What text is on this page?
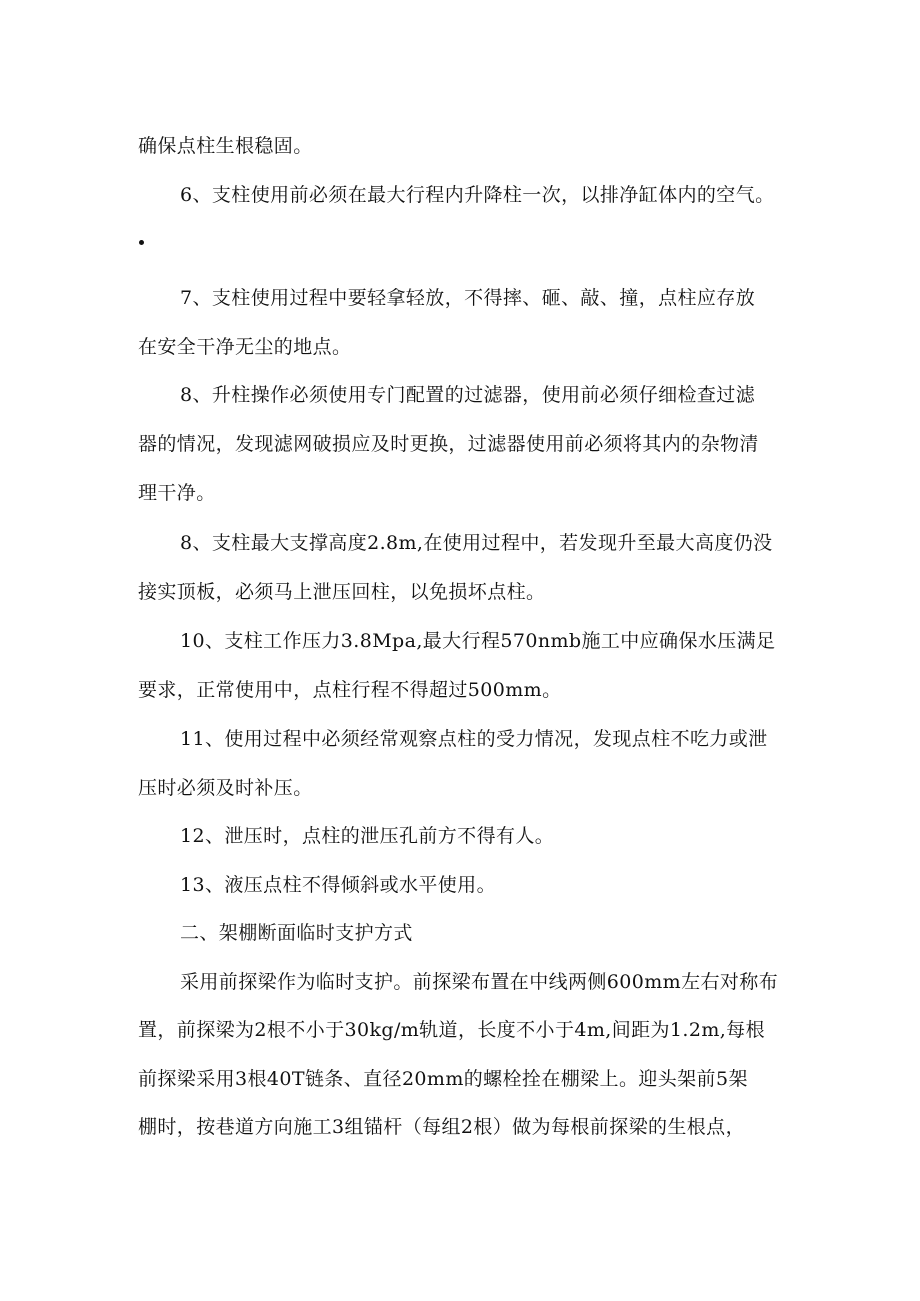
确保点柱生根稳固。
6、支柱使用前必须在最大行程内升降柱一次，以排净缸体内的空气。
7、支柱使用过程中要轻拿轻放，不得摔、砸、敲、撞，点柱应存放
在安全干净无尘的地点。
8、升柱操作必须使用专门配置的过滤器，使用前必须仔细检查过滤
器的情况，发现滤网破损应及时更换，过滤器使用前必须将其内的杂物清
理干净。
8、支柱最大支撑高度2.8m,在使用过程中，若发现升至最大高度仍没
接实顶板，必须马上泄压回柱，以免损坏点柱。
10、支柱工作压力3.8Mpa,最大行程570nmb施工中应确保水压满足
要求，正常使用中，点柱行程不得超过500mm。
11、使用过程中必须经常观察点柱的受力情况，发现点柱不吃力或泄
压时必须及时补压。
12、泄压时，点柱的泄压孔前方不得有人。
13、液压点柱不得倾斜或水平使用。
二、架棚断面临时支护方式
采用前探梁作为临时支护。前探梁布置在中线两侧600mm左右对称布
置，前探梁为2根不小于30kg/m轨道，长度不小于4m,间距为1.2m,每根
前探梁采用3根40T链条、直径20mm的螺栓拴在棚梁上。迎头架前5架
棚时，按巷道方向施工3组锚杆（每组2根）做为每根前探梁的生根点，
